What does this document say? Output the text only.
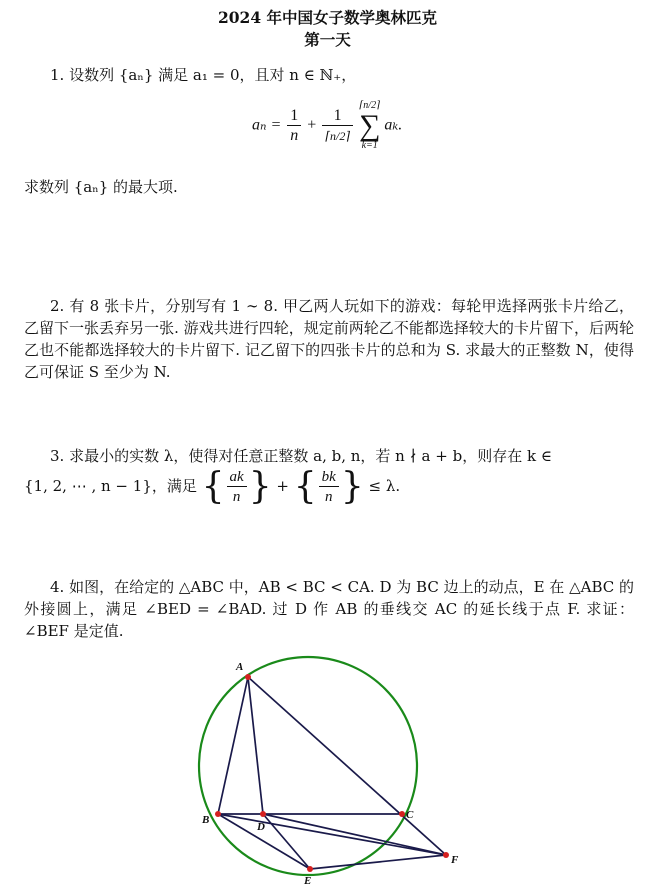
2024 年中国女子数学奥林匹克
第一天
1. 设数列 {aₙ} 满足 a₁ = 0，且对 n ∈ ℕ₊，
$a_n = \frac{1}{n} + \frac{1}{⌈n/2⌉}$

⌈n/2⌉
∑
k=1
aₖ.
求数列 {aₙ} 的最大项.
2. 有 8 张卡片，分别写有 1 ∼ 8. 甲乙两人玩如下的游戏：每轮甲选择两张卡片给乙，乙留下一张丢弃另一张. 游戏共进行四轮，规定前两轮乙不能都选择较大的卡片留下，后两轮乙也不能都选择较大的卡片留下. 记乙留下的四张卡片的总和为 S. 求最大的正整数 N，使得乙可保证 S 至少为 N.
3. 求最小的实数 λ，使得对任意正整数 a, b, n，若 n ∤ a + b，则存在 k ∈
{1, 2, ⋯ , n − 1}，满足 { $\frac{ak}{n}$ } + { $\frac{bk}{n}$ } ≤ λ.
4. 如图，在给定的 △ABC 中，AB < BC < CA. D 为 BC 边上的动点，E 在 △ABC 的外接圆上，满足 ∠BED = ∠BAD. 过 D 作 AB 的垂线交 AC 的延长线于点 F. 求证：∠BEF 是定值.
A
B	C
D
E
F
